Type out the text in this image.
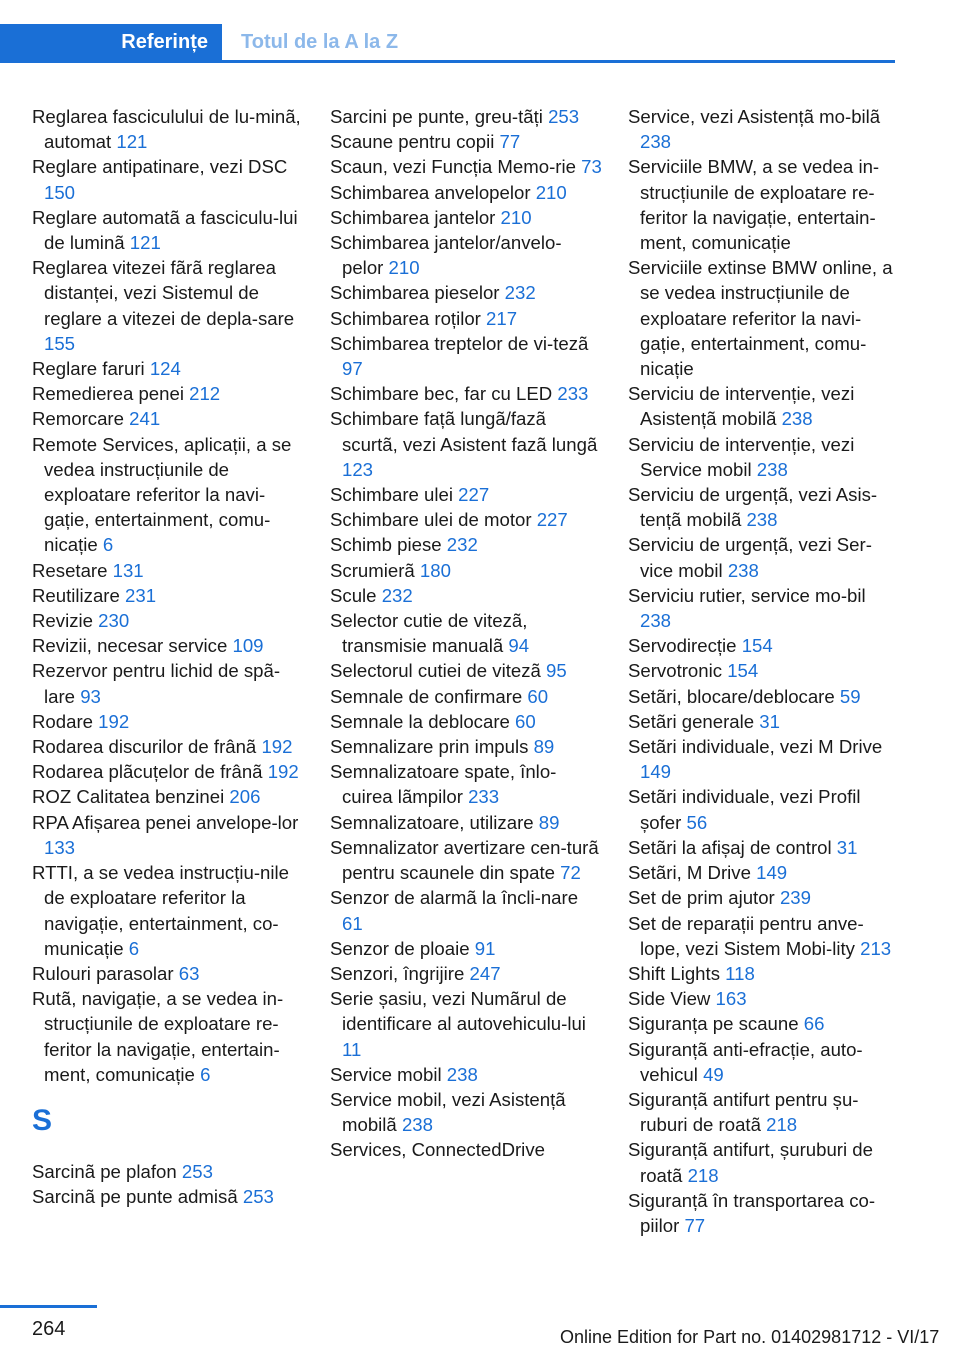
Referințe	Totul de la A la Z
Reglarea fasciculului de lu‐minã, automat 121
Reglare antipatinare, vezi DSC 150
Reglare automatã a fasciculu‐lui de luminã 121
Reglarea vitezei fãrã reglarea distanței, vezi Sistemul de reglare a vitezei de depla‐sare 155
Reglare faruri 124
Remedierea penei 212
Remorcare 241
Remote Services, aplicații, a se vedea instrucțiunile de exploatare referitor la navi‐gație, entertainment, comu‐nicație 6
Resetare 131
Reutilizare 231
Revizie 230
Revizii, necesar service 109
Rezervor pentru lichid de spã‐lare 93
Rodare 192
Rodarea discurilor de frânã 192
Rodarea plãcuțelor de frânã 192
ROZ Calitatea benzinei 206
RPA Afișarea penei anvelope‐lor 133
RTTI, a se vedea instrucțiu‐nile de exploatare referitor la navigație, entertainment, co‐municație 6
Rulouri parasolar 63
Rutã, navigație, a se vedea in‐strucțiunile de exploatare re‐feritor la navigație, entertain‐ment, comunicație 6
S
Sarcinã pe plafon 253
Sarcinã pe punte admisã 253
Sarcini pe punte, greu‐tãți 253
Scaune pentru copii 77
Scaun, vezi Funcția Memo‐rie 73
Schimbarea anvelopelor 210
Schimbarea jantelor 210
Schimbarea jantelor/anvelo‐pelor 210
Schimbarea pieselor 232
Schimbarea roților 217
Schimbarea treptelor de vi‐tezã 97
Schimbare bec, far cu LED 233
Schimbare fațã lungã/fazã scurtã, vezi Asistent fazã lungã 123
Schimbare ulei 227
Schimbare ulei de motor 227
Schimb piese 232
Scrumierã 180
Scule 232
Selector cutie de vitezã, transmisie manualã 94
Selectorul cutiei de vitezã 95
Semnale de confirmare 60
Semnale la deblocare 60
Semnalizare prin impuls 89
Semnalizatoare spate, înlo‐cuirea lãmpilor 233
Semnalizatoare, utilizare 89
Semnalizator avertizare cen‐turã pentru scaunele din spate 72
Senzor de alarmã la încli‐nare 61
Senzor de ploaie 91
Senzori, îngrijire 247
Serie șasiu, vezi Numãrul de identificare al autovehiculu‐lui 11
Service mobil 238
Service mobil, vezi Asistențã mobilã 238
Services, ConnectedDrive
Service, vezi Asistențã mo‐bilã 238
Serviciile BMW, a se vedea in‐strucțiunile de exploatare re‐feritor la navigație, entertain‐ment, comunicație
Serviciile extinse BMW online, a se vedea instrucțiunile de exploatare referitor la navi‐gație, entertainment, comu‐nicație
Serviciu de intervenție, vezi Asistențã mobilã 238
Serviciu de intervenție, vezi Service mobil 238
Serviciu de urgențã, vezi Asis‐tențã mobilã 238
Serviciu de urgențã, vezi Ser‐vice mobil 238
Serviciu rutier, service mo‐bil 238
Servodirecție 154
Servotronic 154
Setãri, blocare/deblocare 59
Setãri generale 31
Setãri individuale, vezi M Drive 149
Setãri individuale, vezi Profil șofer 56
Setãri la afișaj de control 31
Setãri, M Drive 149
Set de prim ajutor 239
Set de reparații pentru anve‐lope, vezi Sistem Mobi‐lity 213
Shift Lights 118
Side View 163
Siguranța pe scaune 66
Siguranțã anti-efracție, auto‐vehicul 49
Siguranțã antifurt pentru șu‐ruburi de roatã 218
Siguranțã antifurt, șuruburi de roatã 218
Siguranțã în transportarea co‐piilor 77
264	Online Edition for Part no. 01402981712 - VI/17
